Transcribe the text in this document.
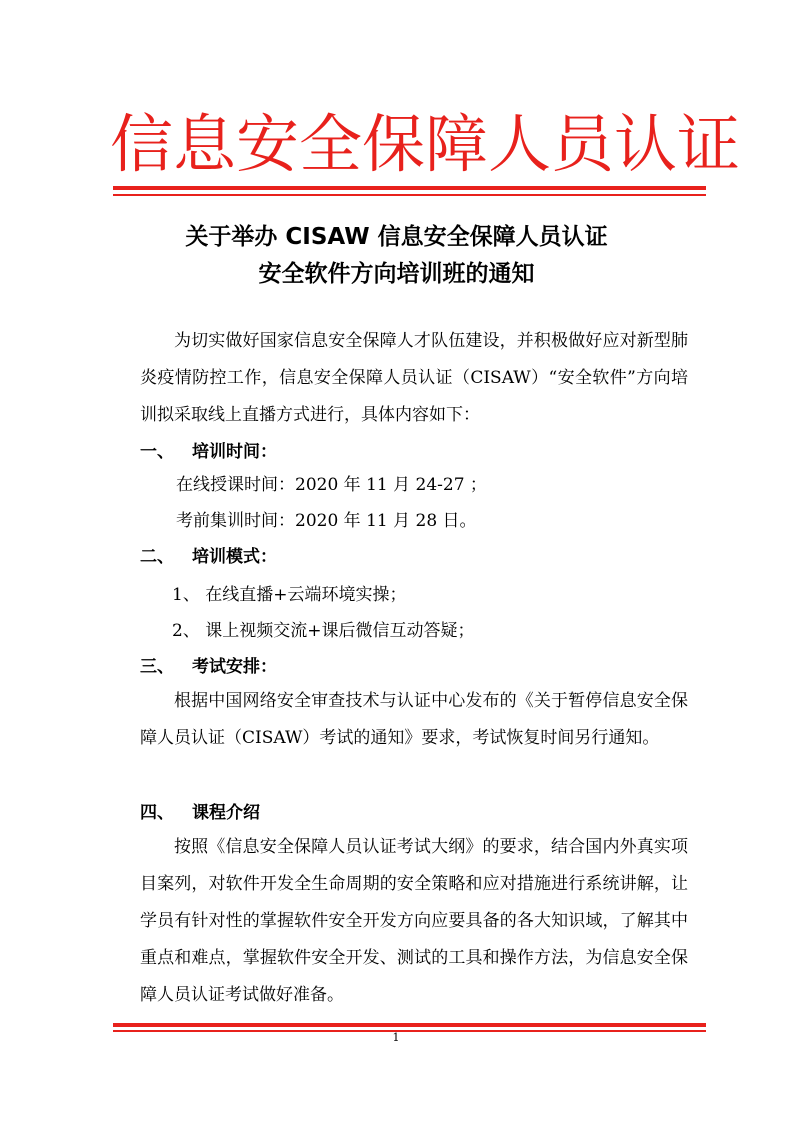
信息安全保障人员认证
关于举办 CISAW 信息安全保障人员认证
安全软件方向培训班的通知

为切实做好国家信息安全保障人才队伍建设，并积极做好应对新型肺炎疫情防控工作，信息安全保障人员认证（CISAW）“安全软件”方向培训拟采取线上直播方式进行，具体内容如下：

一、 培训时间：
在线授课时间：2020 年 11 月 24-27 ；
考前集训时间：2020 年 11 月 28 日。
二、 培训模式：
1、 在线直播+云端环境实操；
2、 课上视频交流+课后微信互动答疑；
三、 考试安排：

根据中国网络安全审查技术与认证中心发布的《关于暂停信息安全保障人员认证（CISAW）考试的通知》要求，考试恢复时间另行通知。

四、 课程介绍

按照《信息安全保障人员认证考试大纲》的要求，结合国内外真实项目案列，对软件开发全生命周期的安全策略和应对措施进行系统讲解，让学员有针对性的掌握软件安全开发方向应要具备的各大知识域，了解其中重点和难点，掌握软件安全开发、测试的工具和操作方法，为信息安全保障人员认证考试做好准备。

1
